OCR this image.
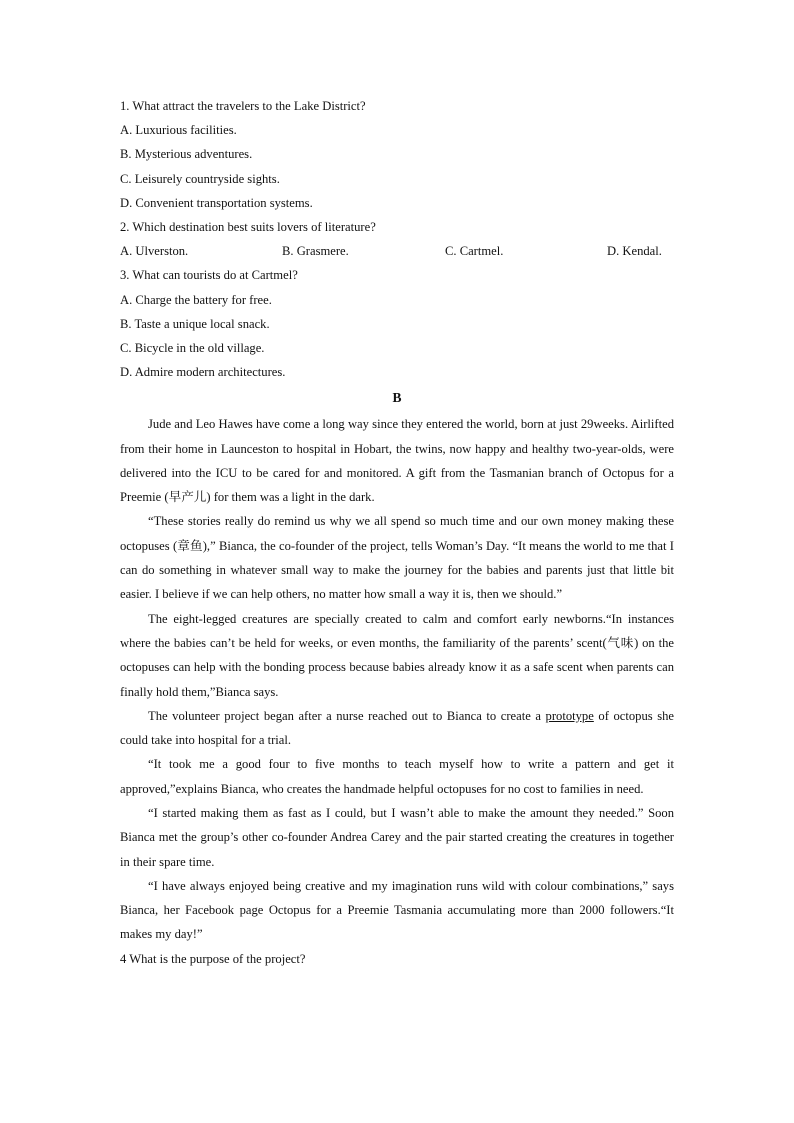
1. What attract the travelers to the Lake District?
A. Luxurious facilities.
B. Mysterious adventures.
C. Leisurely countryside sights.
D. Convenient transportation systems.
2. Which destination best suits lovers of literature?
A. Ulverston.	B. Grasmere.	C. Cartmel.	D. Kendal.
3. What can tourists do at Cartmel?
A. Charge the battery for free.
B. Taste a unique local snack.
C. Bicycle in the old village.
D. Admire modern architectures.
B

Jude and Leo Hawes have come a long way since they entered the world, born at just 29weeks. Airlifted from their home in Launceston to hospital in Hobart, the twins, now happy and healthy two-year-olds, were delivered into the ICU to be cared for and monitored. A gift from the Tasmanian branch of Octopus for a Preemie (早产儿) for them was a light in the dark.

“These stories really do remind us why we all spend so much time and our own money making these octopuses (章鱼),” Bianca, the co-founder of the project, tells Woman’s Day. “It means the world to me that I can do something in whatever small way to make the journey for the babies and parents just that little bit easier. I believe if we can help others, no matter how small a way it is, then we should.”

The eight-legged creatures are specially created to calm and comfort early newborns.“In instances where the babies can’t be held for weeks, or even months, the familiarity of the parents’ scent(气味) on the octopuses can help with the bonding process because babies already know it as a safe scent when parents can finally hold them,”Bianca says.

The volunteer project began after a nurse reached out to Bianca to create a prototype of octopus she could take into hospital for a trial.

“It took me a good four to five months to teach myself how to write a pattern and get it approved,”explains Bianca, who creates the handmade helpful octopuses for no cost to families in need.

“I started making them as fast as I could, but I wasn’t able to make the amount they needed.” Soon Bianca met the group’s other co-founder Andrea Carey and the pair started creating the creatures in together in their spare time.

“I have always enjoyed being creative and my imagination runs wild with colour combinations,” says Bianca, her Facebook page Octopus for a Preemie Tasmania accumulating more than 2000 followers.“It makes my day!”

4 What is the purpose of the project?
